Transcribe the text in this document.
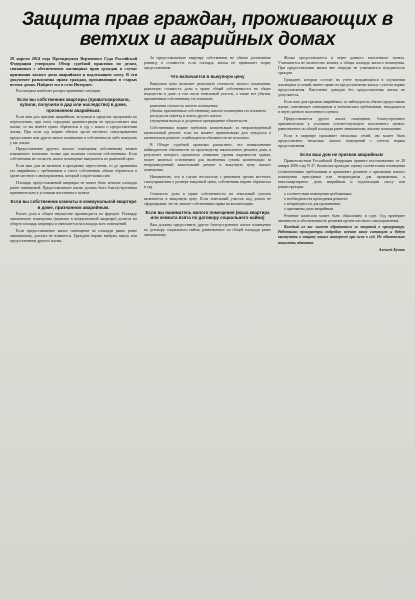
Защита прав граждан, проживающих в ветхих и аварийных домах

29 апреля 2014 года Президиумом Верховного Суда Российской Федерации утвержден Обзор судебной практики по делам, связанным с обеспечением жилищных прав граждан в случае признания жилого дома аварийным и подлежащим сносу. В эти документе разъяснены права граждан, проживающих в старых ветхих домах. Найдите его в сети Интернет.

Рассмотрим наиболее распространенные ситуации.

Если вы собственник квартиры (приватизировали, купили, получили в дар или наследство) в доме, признанном аварийным.

Если ваш дом признан аварийным, вступили в пределах программы по переселению, при этом, городская администрация не предоставляет вам жилье, то вы имеете право обратиться в суд с иском о предоставлении жилья. При этом суд вправе обязать орган местного самоуправления предоставить вам другое жилое помещение в собственность либо выкупить у вас жилье.

Предоставление другого жилого помещения собственнику взамен изымаемого возможно только при наличии согласия собственника. Если собственник не согласен, жилое помещение выкупается по рыночной цене.

Если ваш дом не включен в программу переселения, то до признания его аварийным с требованием о сносе собственник обязан обратиться в орган местного самоуправления, который создает комиссию.

Площадь предоставляемой квартиры не может быть меньше площади ранее занимаемой. Предоставляемое жилье должно быть благоустроенным применительно к условиям населенного пункта.

Если вы собственник комнаты в коммунальной квартире в доме, признанном аварийным.

Расчет доли в общем имуществе производится по формуле. Площадь занимаемого помещения (комнаты в коммунальной квартире) делится на общую площадь квартиры и умножается на площадь всех помещений.

Если предоставляемое жилое помещение по площади равно ранее занимаемому, доплата не взимается. Граждане вправе выбрать выкуп или предоставление другого жилья.

За предоставляемую квартиру собственник не обязан доплачивать разницу в стоимости, если площадь жилья не превышает норму предоставления.

Что включается в выкупную цену

Выкупная цена включает рыночную стоимость жилого помещения, рыночную стоимость доли в праве общей собственности на общее имущество в доме, в том числе земельный участок, а также все убытки, причиненные собственнику его изъятием.

• рыночная стоимость жилого помещения;
• убытки, причиненные собственнику жилого помещения его изъятием;
• расходы на переезд и поиск другого жилья;
• упущенная выгода и досрочное прекращение обязательств.

Собственники вправе требовать компенсацию за непроизведенный капитальный ремонт, если на момент приватизации дом нуждался в капитальном ремонте, а наймодатель обязанности не исполнил.

В Обзоре судебной практики разъяснено, что невыполнение наймодателем обязанности по производству капитального ремонта дома, в результате которого произошло снижение уровня надежности здания, может являться основанием для включения суммы компенсации за непроизведенный капитальный ремонт в выкупную цену жилого помещения.

Нанимателю, что в случае несогласия с решением органа местного самоуправления о размере выкупной цены, собственник вправе обратиться в суд.

Стоимость доли в праве собственности на земельный участок включается в выкупную цену. Если земельный участок под домом не сформирован, это не лишает собственника права на компенсацию.

Если вы наниматель жилого помещения (ваша квартира или комната взята по договору социального найма)

Вам должны предоставить другое благоустроенное жилое помещение по договору социального найма, равнозначное по общей площади ранее занимаемому.

Жилье предоставляется в черте данного населенного пункта. Учитывается не количество комнат, а общая площадь жилого помещения. При предоставлении жилья вне очереди не учитывается нуждаемость граждан.

Граждане, которые состоят на учете нуждающихся в улучшении жилищных условий, имеют право на предоставление жилья с учетом нормы предоставления. Выселение граждан без предоставления жилья не допускается.

Если ваш дом признан аварийным, то наймодатель обязан предоставить жилье, отвечающее санитарным и техническим требованиям, находящееся в черте данного населенного пункта.

Предоставляется другое жилое помещение, благоустроенное применительно к условиям соответствующего населенного пункта, равнозначное по общей площади ранее занимаемому жилому помещению.

Если в квартире проживает несколько семей, им может быть предоставлено несколько жилых помещений с учетом нормы предоставления.

Если ваш дом не признан аварийным

Правительством Российской Федерации принято постановление от 28 января 2006 года N 47. Комиссия проводит оценку соответствия помещения установленным требованиям и принимает решение о признании жилого помещения пригодным или непригодным для проживания, а многоквартирного дома аварийным и подлежащим сносу или реконструкции.

• о соответствии помещения требованиям;
• о необходимости проведения ремонта;
• о непригодности для проживания;
• о признании дома аварийным.

Решение комиссии может быть обжаловано в суде. Суд проверяет законность и обоснованность решения органа местного самоуправления.

Каждый из вас может обратиться за защитой в прокуратуру. Работники прокуратуры подробно изучат вашу ситуацию и будут выступать в защиту ваших интересов при иске в суд. Не обязательно нанимать адвоката.

Алексей Бучаев
